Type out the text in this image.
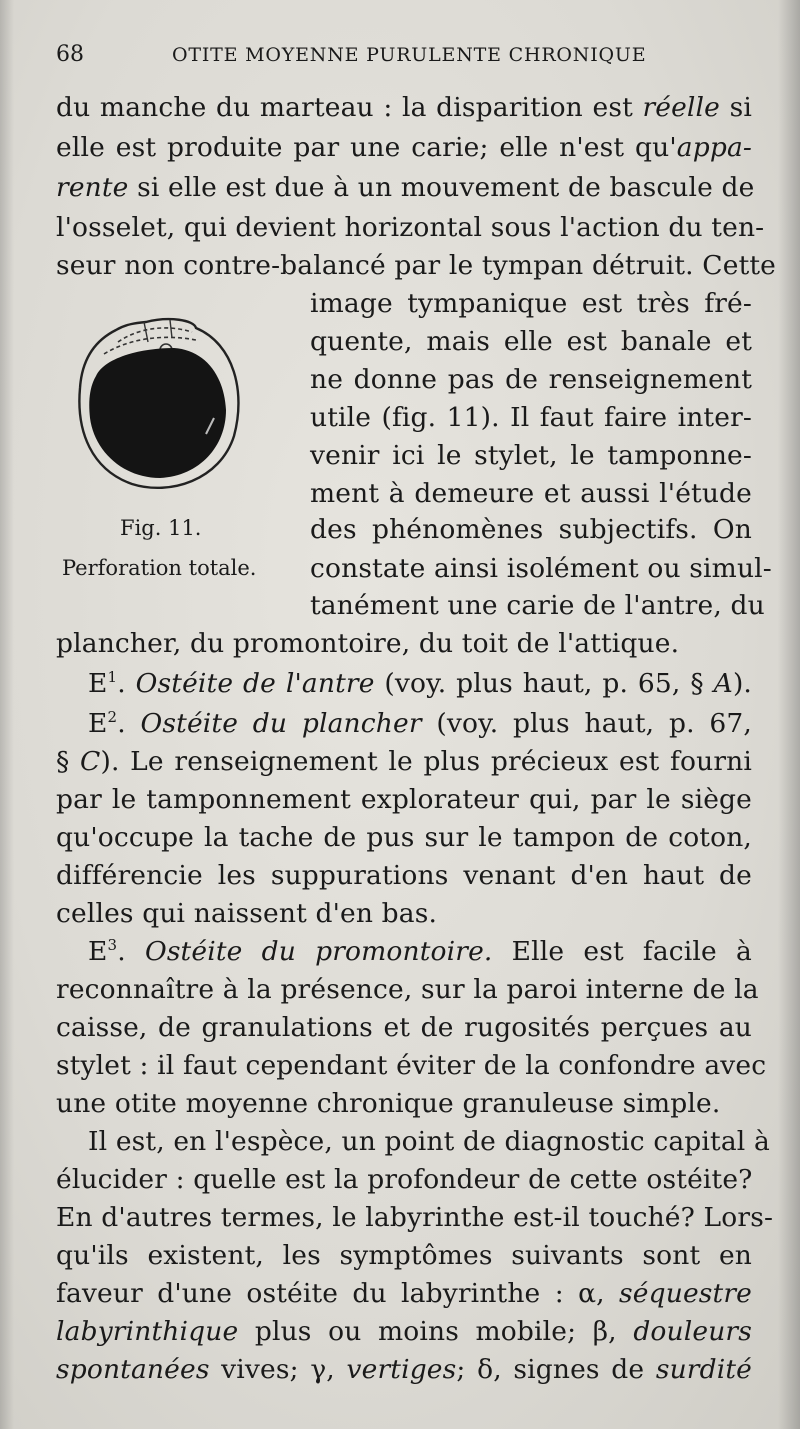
68	OTITE MOYENNE PURULENTE CHRONIQUE
du manche du marteau : la disparition est réelle si
elle est produite par une carie; elle n'est qu'appa-
rente si elle est due à un mouvement de bascule de
l'osselet, qui devient horizontal sous l'action du ten-
seur non contre-balancé par le tympan détruit. Cette
Fig. 11.
Perforation totale.
image tympanique est très fré-
quente, mais elle est banale et
ne donne pas de renseignement
utile (fig. 11). Il faut faire inter-
venir ici le stylet, le tamponne-
ment à demeure et aussi l'étude
des phénomènes subjectifs. On
constate ainsi isolément ou simul-
tanément une carie de l'antre, du
plancher, du promontoire, du toit de l'attique.
$E^1$. Ostéite de l'antre (voy. plus haut, p. 65, § A).
$E^2$. Ostéite du plancher (voy. plus haut, p. 67,
§ C). Le renseignement le plus précieux est fourni
par le tamponnement explorateur qui, par le siège
qu'occupe la tache de pus sur le tampon de coton,
différencie les suppurations venant d'en haut de
celles qui naissent d'en bas.
$E^3$. Ostéite du promontoire. Elle est facile à
reconnaître à la présence, sur la paroi interne de la
caisse, de granulations et de rugosités perçues au
stylet : il faut cependant éviter de la confondre avec
une otite moyenne chronique granuleuse simple.
Il est, en l'espèce, un point de diagnostic capital à
élucider : quelle est la profondeur de cette ostéite?
En d'autres termes, le labyrinthe est-il touché? Lors-
qu'ils existent, les symptômes suivants sont en
faveur d'une ostéite du labyrinthe : α, séquestre
labyrinthique plus ou moins mobile; β, douleurs
spontanées vives; γ, vertiges; δ, signes de surdité
